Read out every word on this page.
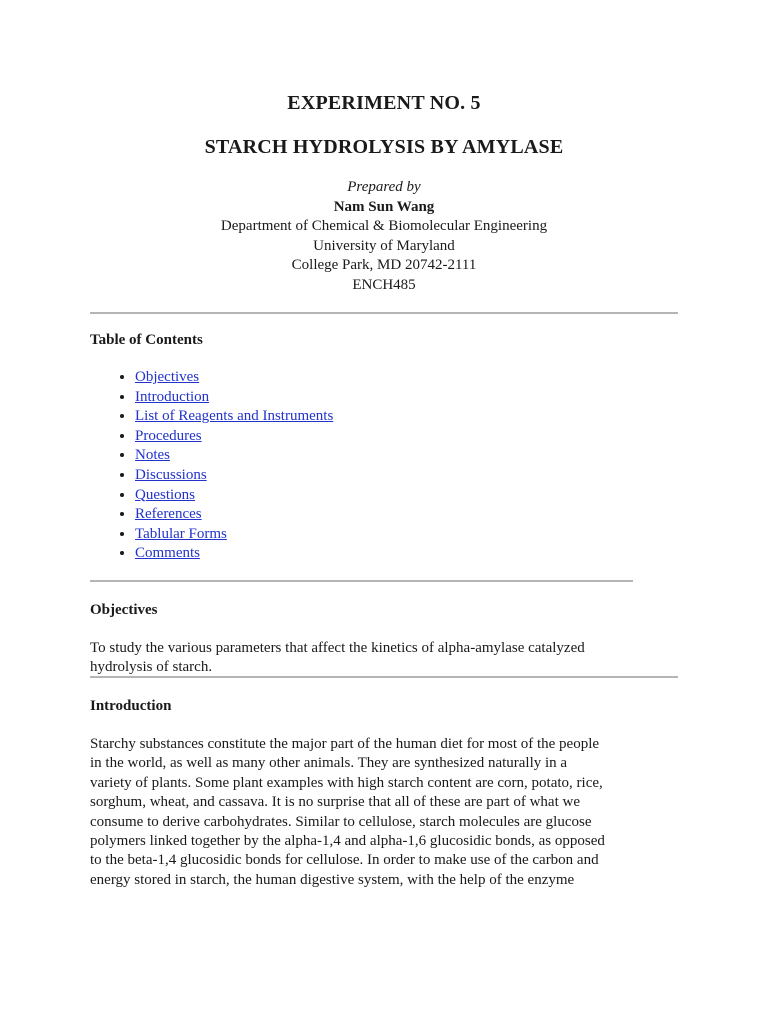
EXPERIMENT NO. 5
STARCH HYDROLYSIS BY AMYLASE
Prepared by
Nam Sun Wang
Department of Chemical & Biomolecular Engineering
University of Maryland
College Park, MD 20742-2111
ENCH485
Table of Contents
• Objectives
• Introduction
• List of Reagents and Instruments
• Procedures
• Notes
• Discussions
• Questions
• References
• Tablular Forms
• Comments
Objectives
To study the various parameters that affect the kinetics of alpha-amylase catalyzed
hydrolysis of starch.
Introduction
Starchy substances constitute the major part of the human diet for most of the people
in the world, as well as many other animals. They are synthesized naturally in a
variety of plants. Some plant examples with high starch content are corn, potato, rice,
sorghum, wheat, and cassava. It is no surprise that all of these are part of what we
consume to derive carbohydrates. Similar to cellulose, starch molecules are glucose
polymers linked together by the alpha-1,4 and alpha-1,6 glucosidic bonds, as opposed
to the beta-1,4 glucosidic bonds for cellulose. In order to make use of the carbon and
energy stored in starch, the human digestive system, with the help of the enzyme
